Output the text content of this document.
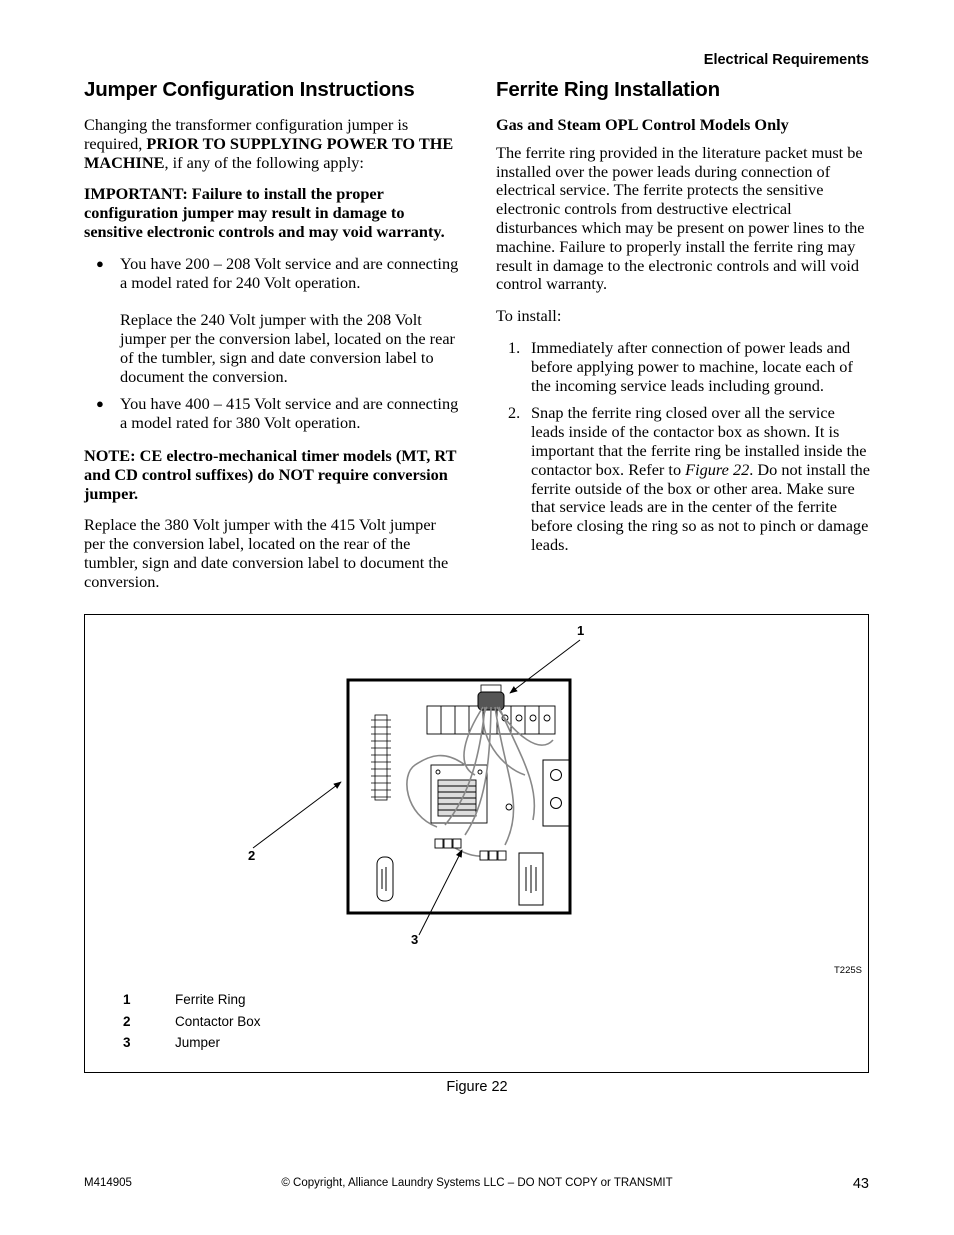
Electrical Requirements
Jumper Configuration Instructions

Changing the transformer configuration jumper is required, PRIOR TO SUPPLYING POWER TO THE MACHINE, if any of the following apply:

IMPORTANT: Failure to install the proper configuration jumper may result in damage to sensitive electronic controls and may void warranty.

● You have 200 – 208 Volt service and are connecting a model rated for 240 Volt operation.
Replace the 240 Volt jumper with the 208 Volt jumper per the conversion label, located on the rear of the tumbler, sign and date conversion label to document the conversion.
● You have 400 – 415 Volt service and are connecting a model rated for 380 Volt operation.

NOTE: CE electro-mechanical timer models (MT, RT and CD control suffixes) do NOT require conversion jumper.

Replace the 380 Volt jumper with the 415 Volt jumper per the conversion label, located on the rear of the tumbler, sign and date conversion label to document the conversion.

Ferrite Ring Installation

Gas and Steam OPL Control Models Only

The ferrite ring provided in the literature packet must be installed over the power leads during connection of electrical service. The ferrite protects the sensitive electronic controls from destructive electrical disturbances which may be present on power lines to the machine. Failure to properly install the ferrite ring may result in damage to the electronic controls and will void control warranty.

To install:

1. Immediately after connection of power leads and before applying power to machine, locate each of the incoming service leads including ground.
2. Snap the ferrite ring closed over all the service leads inside of the contactor box as shown. It is important that the ferrite ring be installed inside the contactor box. Refer to Figure 22. Do not install the ferrite outside of the box or other area. Make sure that service leads are in the center of the ferrite before closing the ring so as not to pinch or damage leads.
1
2
3
T225S
1	Ferrite Ring
2	Contactor Box
3	Jumper
Figure 22
M414905	© Copyright, Alliance Laundry Systems LLC – DO NOT COPY or TRANSMIT	43
